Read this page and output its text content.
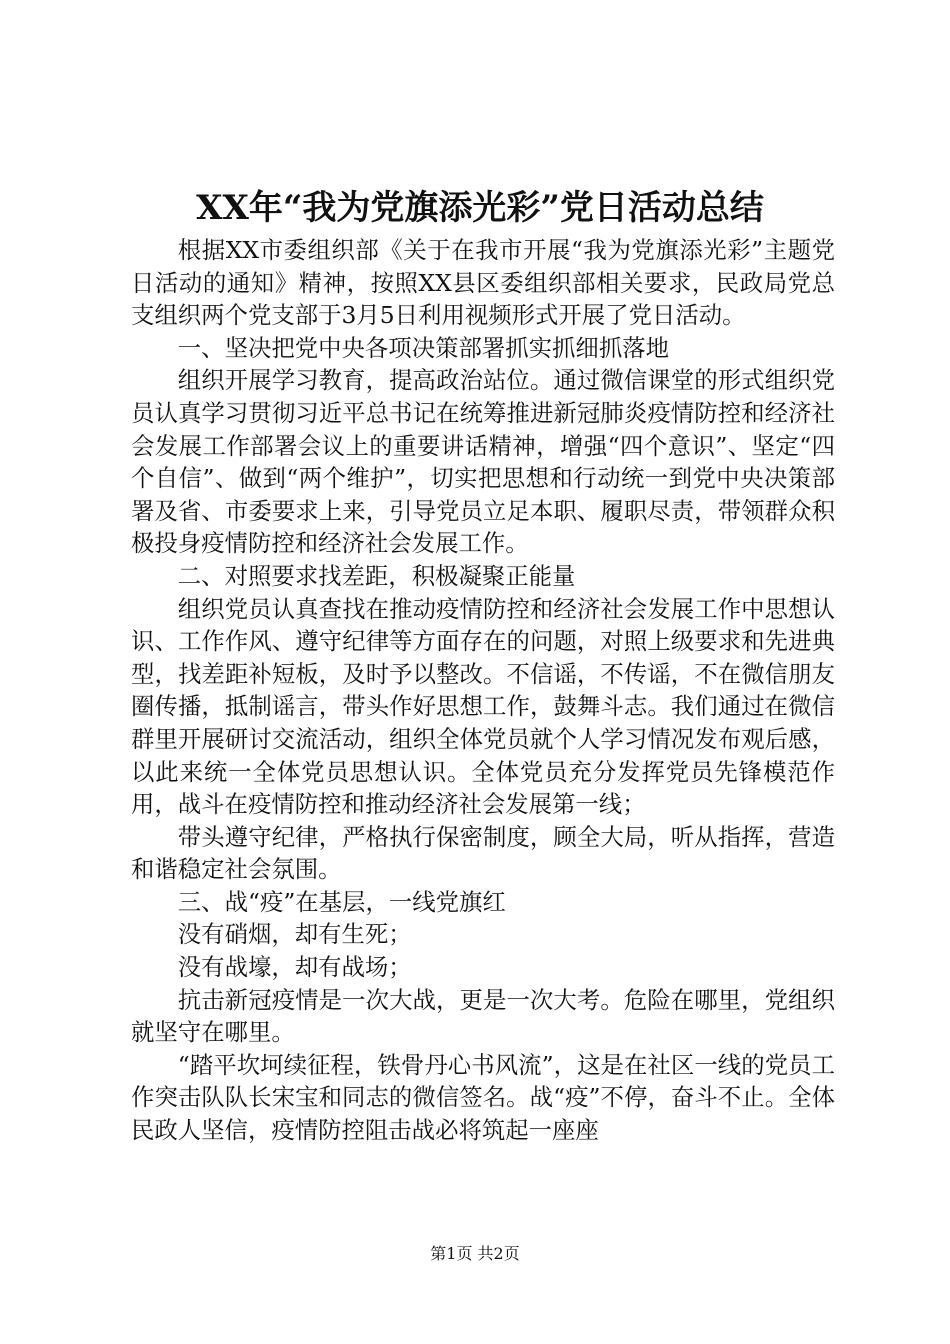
XX年“我为党旗添光彩”党日活动总结

根据XX市委组织部《关于在我市开展“我为党旗添光彩”主题党日活动的通知》精神，按照XX县区委组织部相关要求，民政局党总支组织两个党支部于3月5日利用视频形式开展了党日活动。

一、坚决把党中央各项决策部署抓实抓细抓落地

组织开展学习教育，提高政治站位。通过微信课堂的形式组织党员认真学习贯彻习近平总书记在统筹推进新冠肺炎疫情防控和经济社会发展工作部署会议上的重要讲话精神，增强“四个意识”、坚定“四个自信”、做到“两个维护”，切实把思想和行动统一到党中央决策部署及省、市委要求上来，引导党员立足本职、履职尽责，带领群众积极投身疫情防控和经济社会发展工作。

二、对照要求找差距，积极凝聚正能量

组织党员认真查找在推动疫情防控和经济社会发展工作中思想认识、工作作风、遵守纪律等方面存在的问题，对照上级要求和先进典型，找差距补短板，及时予以整改。不信谣，不传谣，不在微信朋友圈传播，抵制谣言，带头作好思想工作，鼓舞斗志。我们通过在微信群里开展研讨交流活动，组织全体党员就个人学习情况发布观后感，以此来统一全体党员思想认识。全体党员充分发挥党员先锋模范作用，战斗在疫情防控和推动经济社会发展第一线；

带头遵守纪律，严格执行保密制度，顾全大局，听从指挥，营造和谐稳定社会氛围。

三、战“疫”在基层，一线党旗红

没有硝烟，却有生死；

没有战壕，却有战场；

抗击新冠疫情是一次大战，更是一次大考。危险在哪里，党组织就坚守在哪里。

“踏平坎坷续征程，铁骨丹心书风流”，这是在社区一线的党员工作突击队队长宋宝和同志的微信签名。战“疫”不停，奋斗不止。全体民政人坚信，疫情防控阻击战必将筑起一座座

第1页 共2页
